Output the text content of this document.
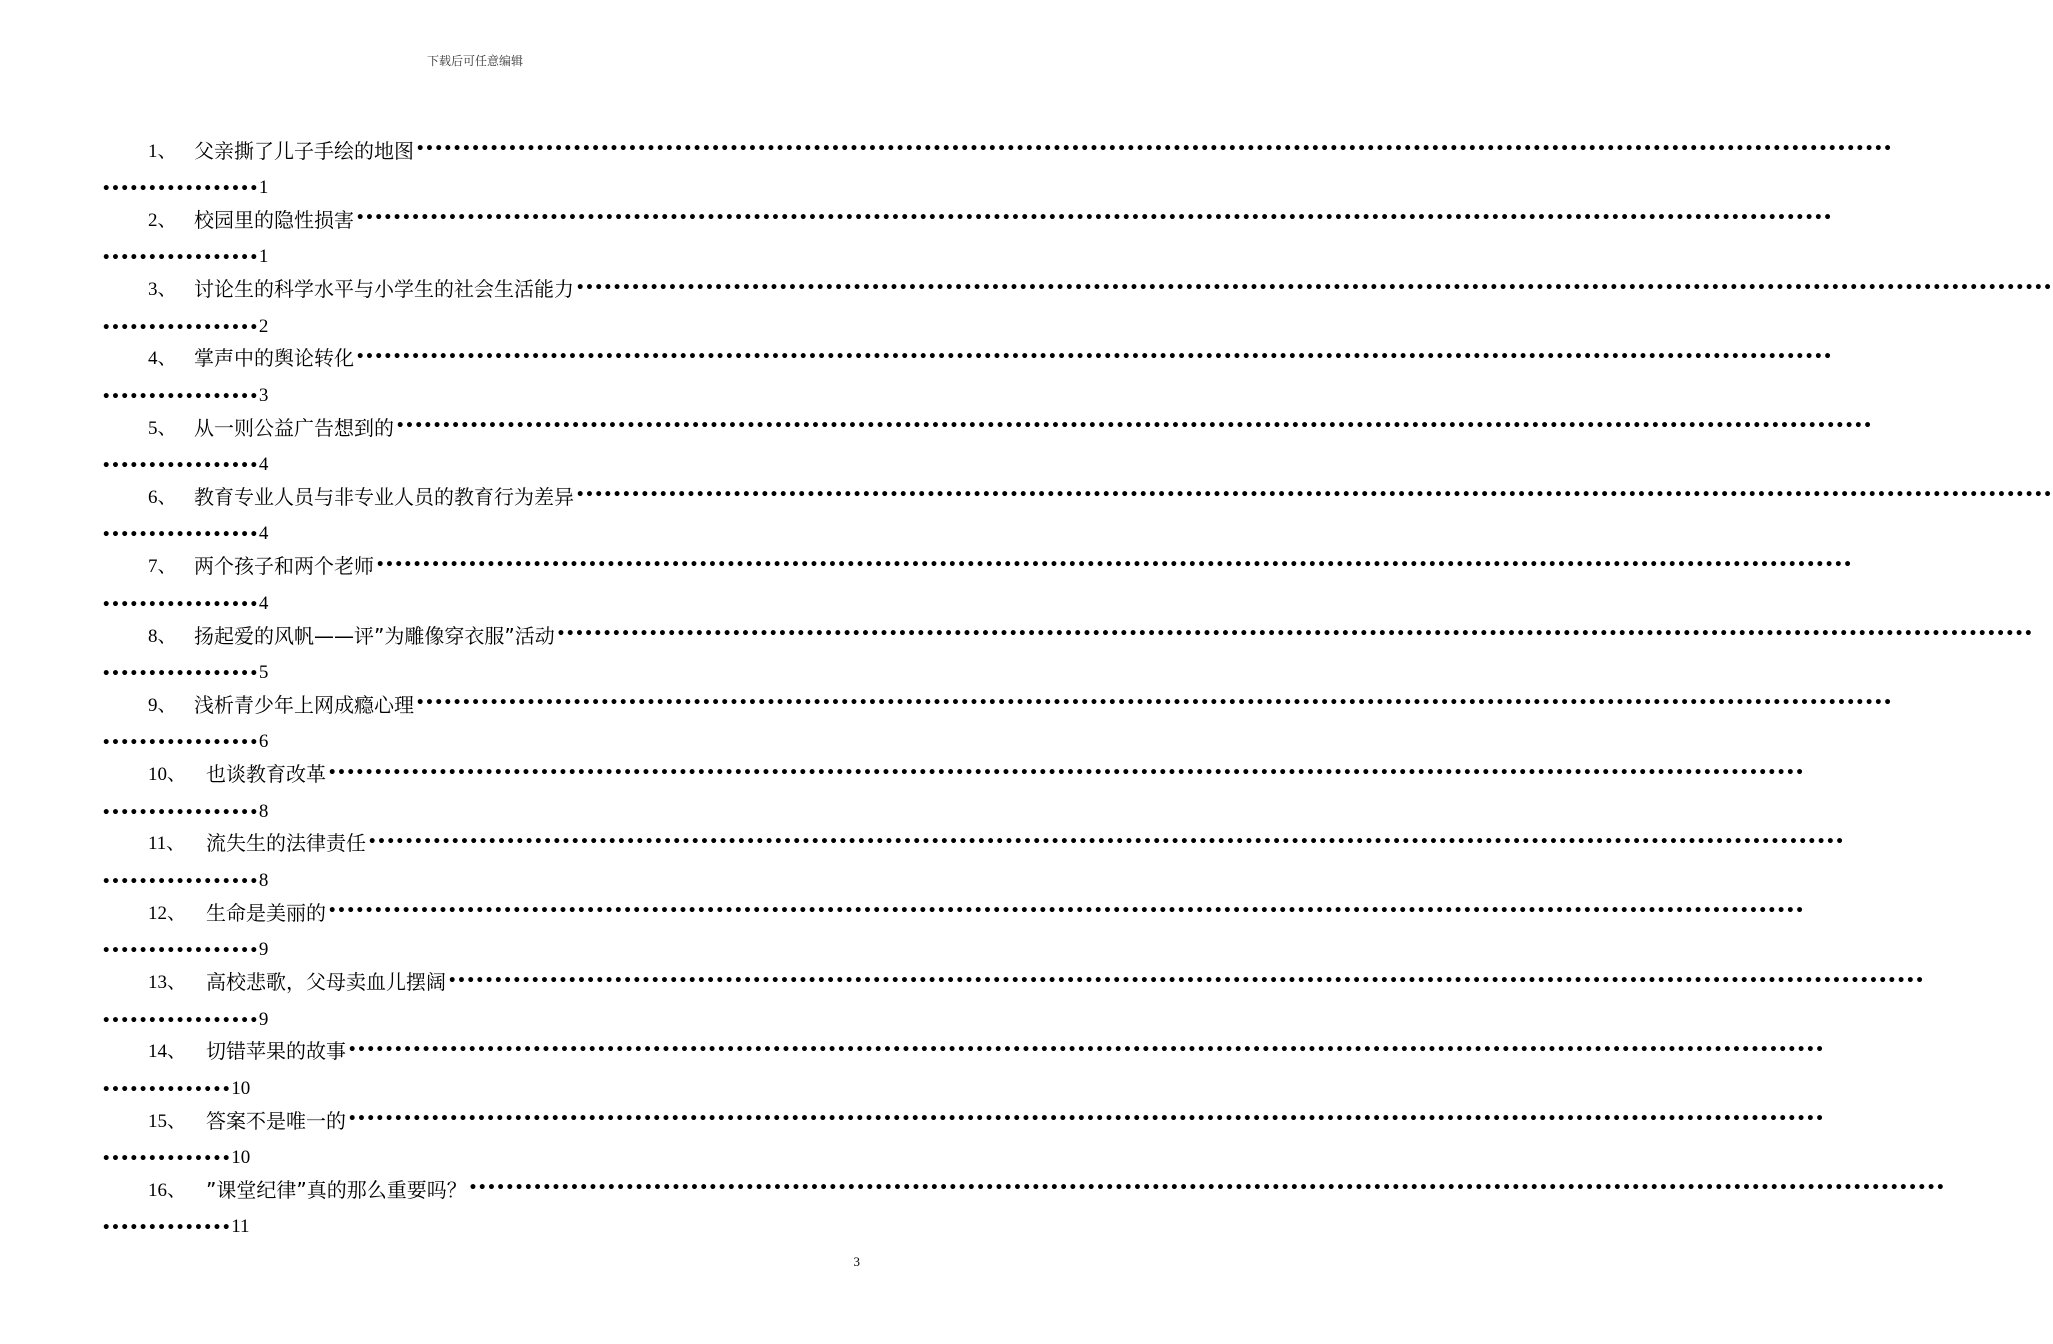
下载后可任意编辑
1、 父亲撕了儿子手绘的地图 ••••••••••••••••••••••••••••••••••••••••••••••••••••••••••••••••••••••••••••••••••••••••••••••••••••••••••••••••••••••••••••••••••••••••••••••••••••••••••••••••
••••••••••••••••• 1
2、 校园里的隐性损害 ••••••••••••••••••••••••••••••••••••••••••••••••••••••••••••••••••••••••••••••••••••••••••••••••••••••••••••••••••••••••••••••••••••••••••••••••••••••••••••••••
••••••••••••••••• 1
3、 讨论生的科学水平与小学生的社会生活能力 ••••••••••••••••••••••••••••••••••••••••••••••••••••••••••••••••••••••••••••••••••••••••••••••••••••••••••••••••••••••••••••••••••••••••••••••••••••••••••••••••
••••••••••••••••• 2
4、 掌声中的舆论转化 ••••••••••••••••••••••••••••••••••••••••••••••••••••••••••••••••••••••••••••••••••••••••••••••••••••••••••••••••••••••••••••••••••••••••••••••••••••••••••••••••
••••••••••••••••• 3
5、 从一则公益广告想到的 ••••••••••••••••••••••••••••••••••••••••••••••••••••••••••••••••••••••••••••••••••••••••••••••••••••••••••••••••••••••••••••••••••••••••••••••••••••••••••••••••
••••••••••••••••• 4
6、 教育专业人员与非专业人员的教育行为差异 ••••••••••••••••••••••••••••••••••••••••••••••••••••••••••••••••••••••••••••••••••••••••••••••••••••••••••••••••••••••••••••••••••••••••••••••••••••••••••••••••
••••••••••••••••• 4
7、 两个孩子和两个老师 ••••••••••••••••••••••••••••••••••••••••••••••••••••••••••••••••••••••••••••••••••••••••••••••••••••••••••••••••••••••••••••••••••••••••••••••••••••••••••••••••
••••••••••••••••• 4
8、 扬起爱的风帆——评”为雕像穿衣服”活动 ••••••••••••••••••••••••••••••••••••••••••••••••••••••••••••••••••••••••••••••••••••••••••••••••••••••••••••••••••••••••••••••••••••••••••••••••••••••••••••••••
••••••••••••••••• 5
9、 浅析青少年上网成瘾心理 ••••••••••••••••••••••••••••••••••••••••••••••••••••••••••••••••••••••••••••••••••••••••••••••••••••••••••••••••••••••••••••••••••••••••••••••••••••••••••••••••
••••••••••••••••• 6
10、 也谈教育改革 ••••••••••••••••••••••••••••••••••••••••••••••••••••••••••••••••••••••••••••••••••••••••••••••••••••••••••••••••••••••••••••••••••••••••••••••••••••••••••••••••
••••••••••••••••• 8
11、	流失生的法律责任 ••••••••••••••••••••••••••••••••••••••••••••••••••••••••••••••••••••••••••••••••••••••••••••••••••••••••••••••••••••••••••••••••••••••••••••••••••••••••••••••••
••••••••••••••••• 8
12、 生命是美丽的 ••••••••••••••••••••••••••••••••••••••••••••••••••••••••••••••••••••••••••••••••••••••••••••••••••••••••••••••••••••••••••••••••••••••••••••••••••••••••••••••••
••••••••••••••••• 9
13、 高校悲歌，父母卖血儿摆阔 ••••••••••••••••••••••••••••••••••••••••••••••••••••••••••••••••••••••••••••••••••••••••••••••••••••••••••••••••••••••••••••••••••••••••••••••••••••••••••••••••
••••••••••••••••• 9
14、 切错苹果的故事 ••••••••••••••••••••••••••••••••••••••••••••••••••••••••••••••••••••••••••••••••••••••••••••••••••••••••••••••••••••••••••••••••••••••••••••••••••••••••••••••••
•••••••••••••• 10
15、 答案不是唯一的 ••••••••••••••••••••••••••••••••••••••••••••••••••••••••••••••••••••••••••••••••••••••••••••••••••••••••••••••••••••••••••••••••••••••••••••••••••••••••••••••••
•••••••••••••• 10
16、 ”课堂纪律”真的那么重要吗？ ••••••••••••••••••••••••••••••••••••••••••••••••••••••••••••••••••••••••••••••••••••••••••••••••••••••••••••••••••••••••••••••••••••••••••••••••••••••••••••••••
•••••••••••••• 11
3
